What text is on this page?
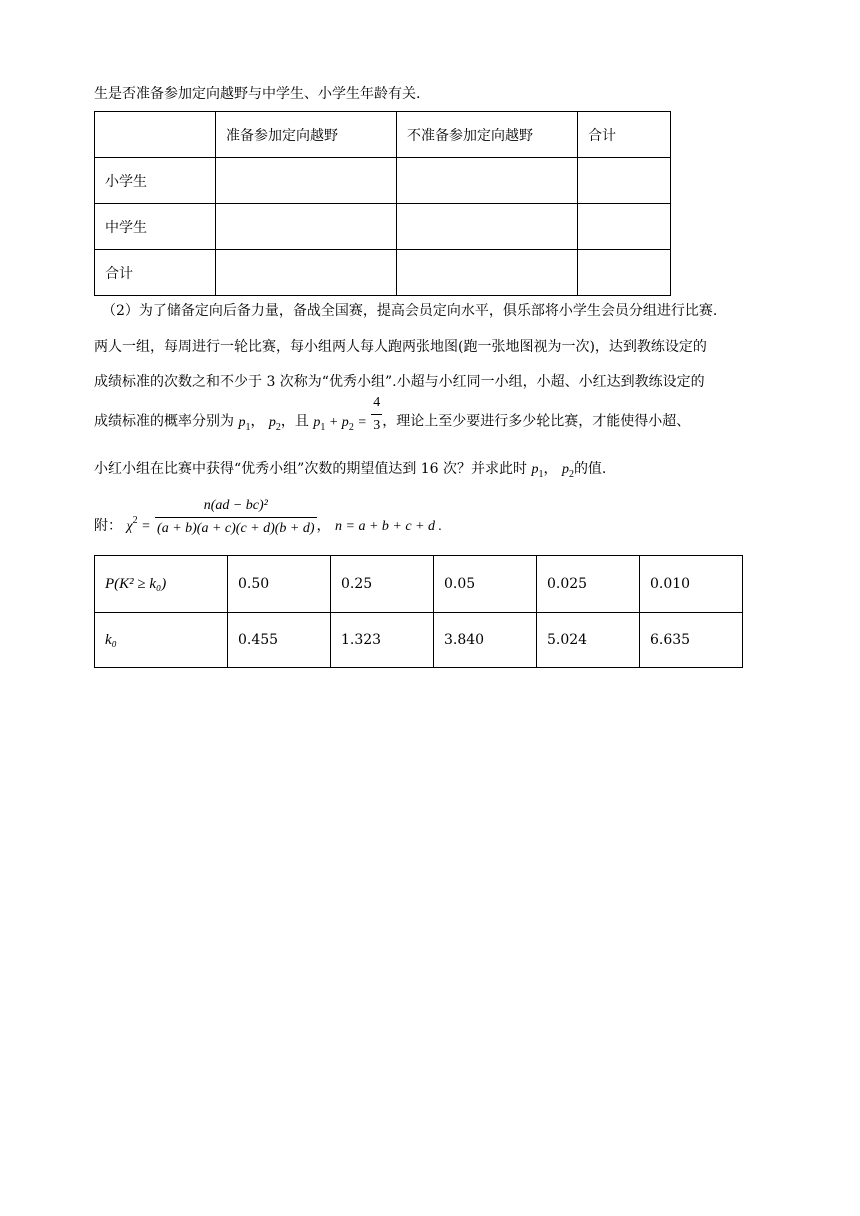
生是否准备参加定向越野与中学生、小学生年龄有关.
	准备参加定向越野	不准备参加定向越野	合计
小学生			
中学生			
合计			
（2）为了储备定向后备力量，备战全国赛，提高会员定向水平，俱乐部将小学生会员分组进行比赛.
两人一组，每周进行一轮比赛，每小组两人每人跑两张地图(跑一张地图视为一次)，达到教练设定的
成绩标准的次数之和不少于 3 次称为“优秀小组”.小超与小红同一小组，小超、小红达到教练设定的
成绩标准的概率分别为 $p_1$， $p_2$，且 $p_1 + p_2 = \frac{4}{3}$ ，理论上至少要进行多少轮比赛，才能使得小超、
小红小组在比赛中获得“优秀小组”次数的期望值达到 16 次？并求此时 $p_1$， $p_2$的值.
附： $\chi^2 = \frac{\text{n(ad − bc)²}}{(a + b)(a + c)(c + d)(b + d)}$ ， n = a + b + c + d .
P(K² ≥ k₀)	0.50	0.25	0.05	0.025	0.010
k₀	0.455	1.323	3.840	5.024	6.635
